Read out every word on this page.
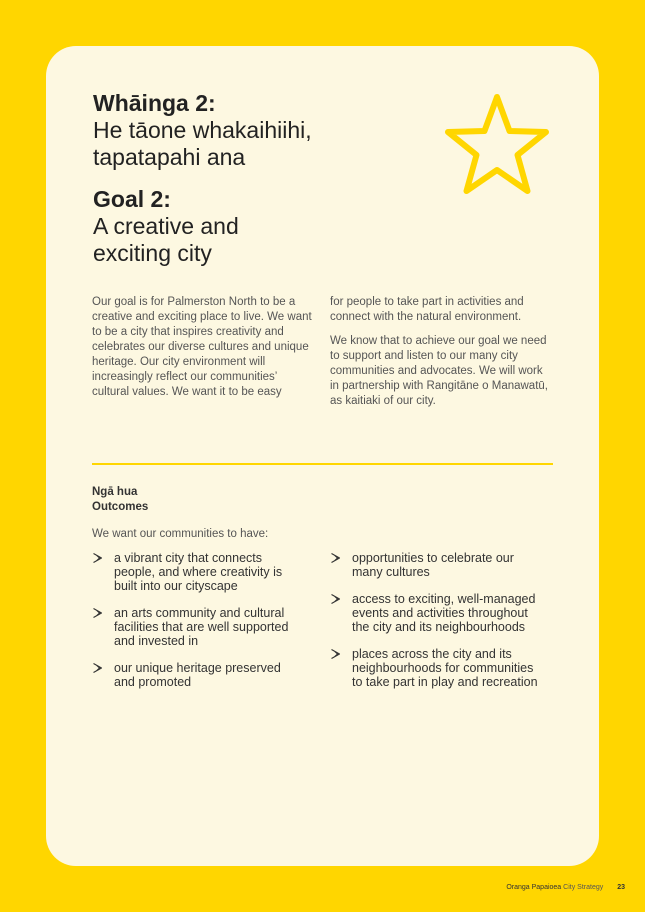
Whāinga 2:
He tāone whakaihiihi,
tapatapahi ana
Goal 2:
A creative and
exciting city

Our goal is for Palmerston North to be a creative and exciting place to live. We want to be a city that inspires creativity and celebrates our diverse cultures and unique heritage. Our city environment will increasingly reflect our communities’ cultural values. We want it to be easy

for people to take part in activities and connect with the natural environment.

We know that to achieve our goal we need to support and listen to our many city communities and advocates. We will work in partnership with Rangitāne o Manawatū, as kaitiaki of our city.

Ngā hua
Outcomes
We want our communities to have:
a vibrant city that connects people, and where creativity is built into our cityscape
an arts community and cultural facilities that are well supported and invested in
our unique heritage preserved and promoted
opportunities to celebrate our many cultures
access to exciting, well-managed events and activities throughout the city and its neighbourhoods
places across the city and its neighbourhoods for communities to take part in play and recreation
Oranga Papaioea City Strategy 23
